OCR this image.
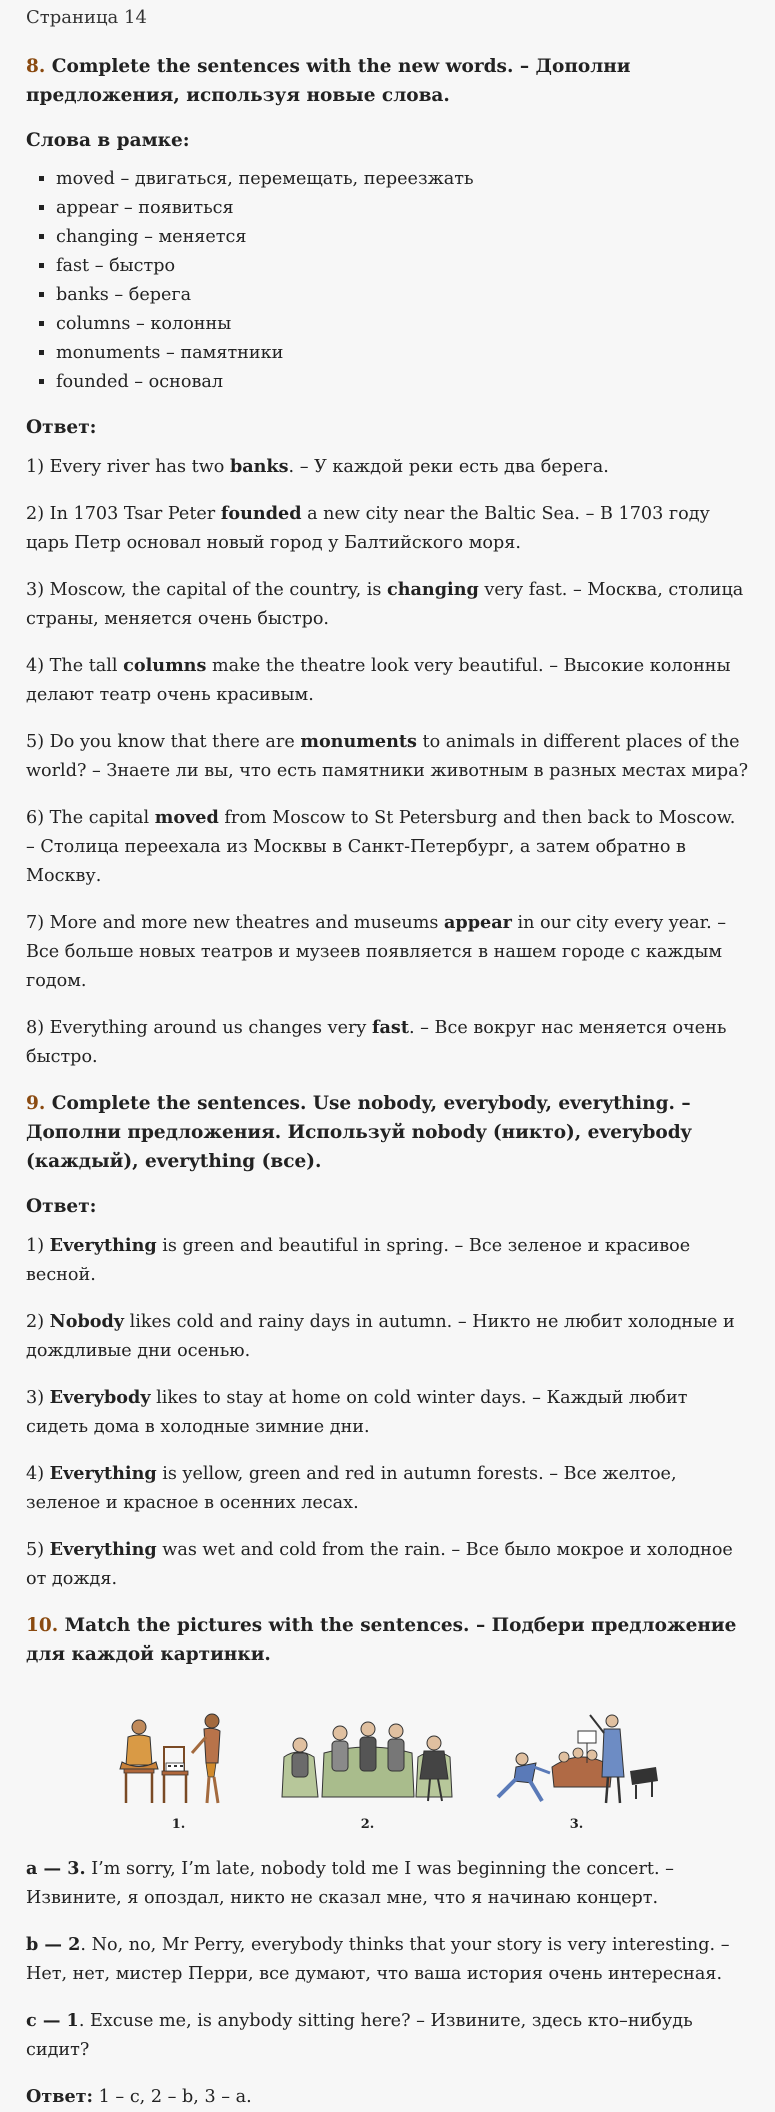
Страница 14
8. Complete the sentences with the new words. – Дополни предложения, используя новые слова.
Слова в рамке:
▪ moved – двигаться, перемещать, переезжать
▪ appear – появиться
▪ changing – меняется
▪ fast – быстро
▪ banks – берега
▪ columns – колонны
▪ monuments – памятники
▪ founded – основал
Ответ:

1) Every river has two banks. – У каждой реки есть два берега.

2) In 1703 Tsar Peter founded a new city near the Baltic Sea. – В 1703 году царь Петр основал новый город у Балтийского моря.

3) Moscow, the capital of the country, is changing very fast. – Москва, столица страны, меняется очень быстро.

4) The tall columns make the theatre look very beautiful. – Высокие колонны делают театр очень красивым.

5) Do you know that there are monuments to animals in different places of the world? – Знаете ли вы, что есть памятники животным в разных местах мира?

6) The capital moved from Moscow to St Petersburg and then back to Moscow. – Столица переехала из Москвы в Санкт-Петербург, а затем обратно в Москву.

7) More and more new theatres and museums appear in our city every year. – Все больше новых театров и музеев появляется в нашем городе с каждым годом.

8) Everything around us changes very fast. – Все вокруг нас меняется очень быстро.

9. Complete the sentences. Use nobody, everybody, everything. – Дополни предложения. Используй nobody (никто), everybody (каждый), everything (все).
Ответ:

1) Everything is green and beautiful in spring. – Все зеленое и красивое весной.

2) Nobody likes cold and rainy days in autumn. – Никто не любит холодные и дождливые дни осенью.

3) Everybody likes to stay at home on cold winter days. – Каждый любит сидеть дома в холодные зимние дни.

4) Everything is yellow, green and red in autumn forests. – Все желтое, зеленое и красное в осенних лесах.

5) Everything was wet and cold from the rain. – Все было мокрое и холодное от дождя.

10. Match the pictures with the sentences. – Подбери предложение для каждой картинки.
1.	2.	3.

a — 3. I’m sorry, I’m late, nobody told me I was beginning the concert. – Извините, я опоздал, никто не сказал мне, что я начинаю концерт.

b — 2. No, no, Mr Perry, everybody thinks that your story is very interesting. – Нет, нет, мистер Перри, все думают, что ваша история очень интересная.

c — 1. Excuse me, is anybody sitting here? – Извините, здесь кто–нибудь сидит?

Ответ: 1 – c, 2 – b, 3 – a.
